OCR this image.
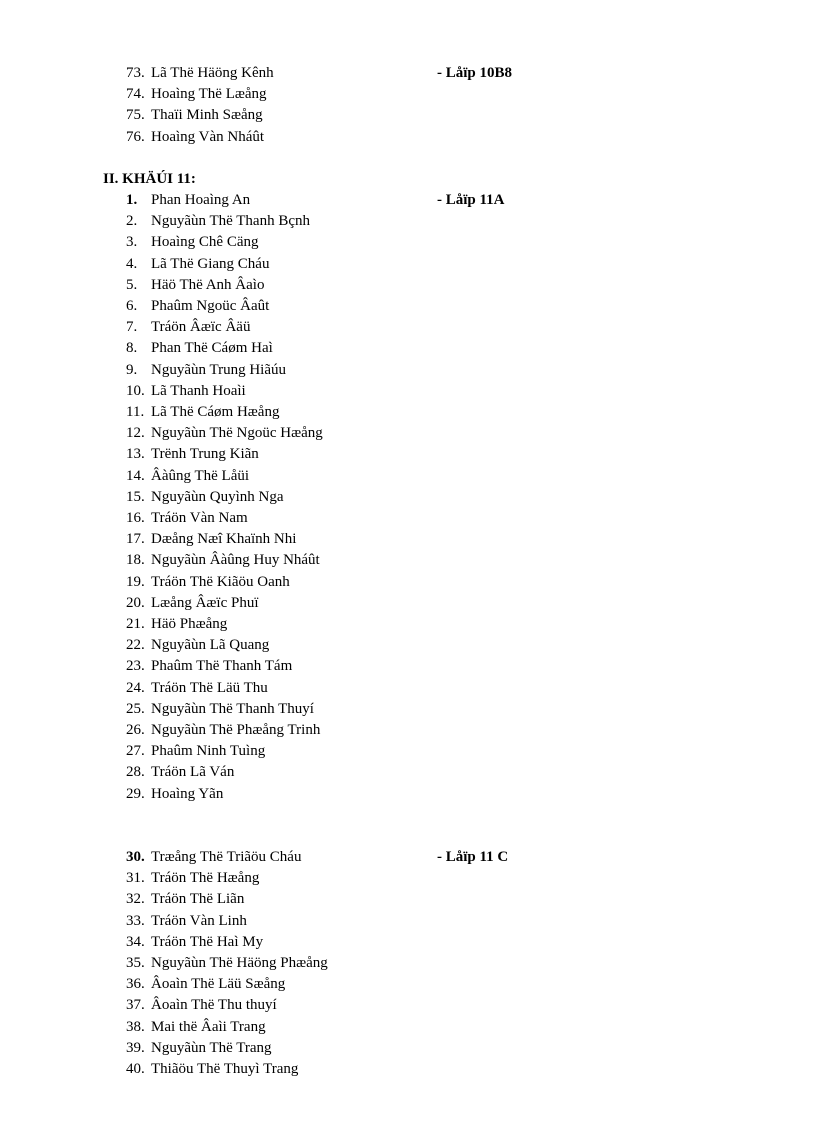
73. Lã Thë Häöng Kênh	- Låïp 10B8
74. Hoaìng Thë Læång
75. Thaïi Minh Sæång
76. Hoaìng Vàn Nháût
II. KHÄÚI 11:
1. Phan Hoaìng An	- Låïp 11A
2. Nguyãùn Thë Thanh Bçnh
3. Hoaìng Chê Cäng
4. Lã Thë Giang Cháu
5. Häö Thë Anh Âaìo
6. Phaûm Ngoüc Âaût
7. Tráön Âæïc Âäü
8. Phan Thë Cáøm Haì
9. Nguyãùn Trung Hiãúu
10. Lã Thanh Hoaìi
11. Lã Thë Cáøm Hæång
12. Nguyãùn Thë Ngoüc Hæång
13. Trënh Trung Kiãn
14. Âàûng Thë Låüi
15. Nguyãùn Quyình Nga
16. Tráön Vàn Nam
17. Dæång Næî Khaïnh Nhi
18. Nguyãùn Âàûng Huy Nháût
19. Tráön Thë Kiãöu Oanh
20. Læång Âæïc Phuï
21. Häö Phæång
22. Nguyãùn Lã Quang
23. Phaûm Thë Thanh Tám
24. Tráön Thë Läü Thu
25. Nguyãùn Thë Thanh Thuyí
26. Nguyãùn Thë Phæång Trinh
27. Phaûm Ninh Tuìng
28. Tráön Lã Ván
29. Hoaìng Yãn
30. Træång Thë Triãöu Cháu	- Låïp 11 C
31. Tráön Thë Hæång
32. Tráön Thë Liãn
33. Tráön Vàn Linh
34. Tráön Thë Haì My
35. Nguyãùn Thë Häöng Phæång
36. Âoaìn Thë Läü Sæång
37. Âoaìn Thë Thu thuyí
38. Mai thë Âaìi Trang
39. Nguyãùn Thë Trang
40. Thiãöu Thë Thuyì Trang
